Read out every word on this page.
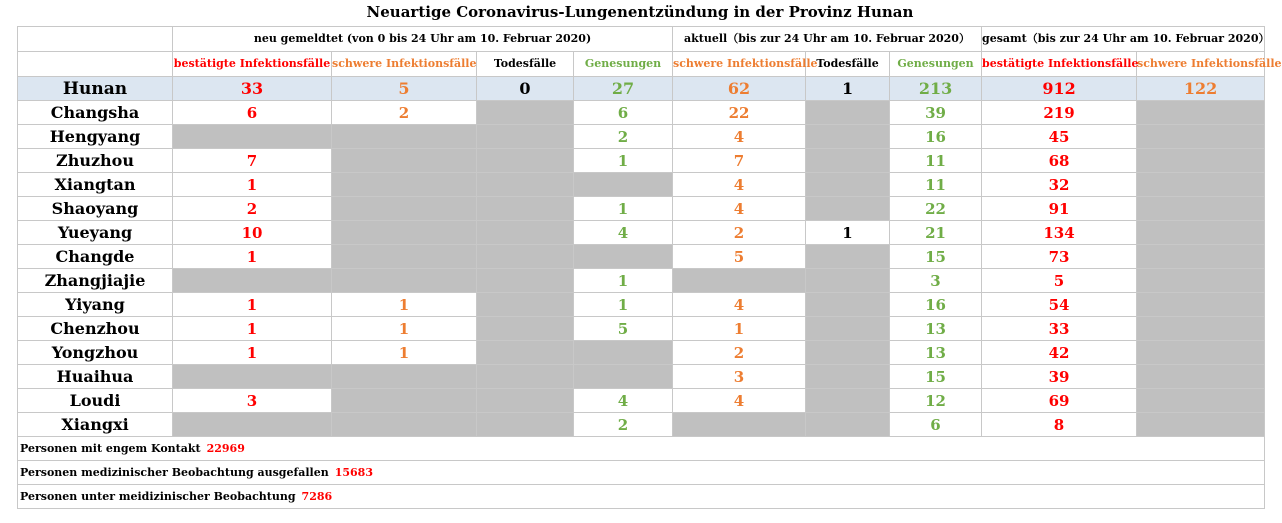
Neuartige Coronavirus-Lungenentzündung in der Provinz Hunan
	neu gemeldtet (von 0 bis 24 Uhr am 10. Februar 2020)				aktuell（bis zur 24 Uhr am 10. Februar 2020）			gesamt（bis zur 24 Uhr am 10. Februar 2020）	
	bestätigte Infektionsfälle	schwere Infektionsfälle	Todesfälle	Genesungen	schwere Infektionsfälle	Todesfälle	Genesungen	bestätigte Infektionsfälle	schwere Infektionsfälle
Hunan	33	5	0	27	62	1	213	912	122
Changsha	6	2		6	22		39	219	
Hengyang				2	4		16	45	
Zhuzhou	7			1	7		11	68	
Xiangtan	1				4		11	32	
Shaoyang	2			1	4		22	91	
Yueyang	10			4	2	1	21	134	
Changde	1				5		15	73	
Zhangjiajie				1			3	5	
Yiyang	1	1		1	4		16	54	
Chenzhou	1	1		5	1		13	33	
Yongzhou	1	1			2		13	42	
Huaihua					3		15	39	
Loudi	3			4	4		12	69	
Xiangxi				2			6	8	
Personen mit engem Kontakt 22969									
Personen medizinischer Beobachtung ausgefallen 15683									
Personen unter meidizinischer Beobachtung 7286									
